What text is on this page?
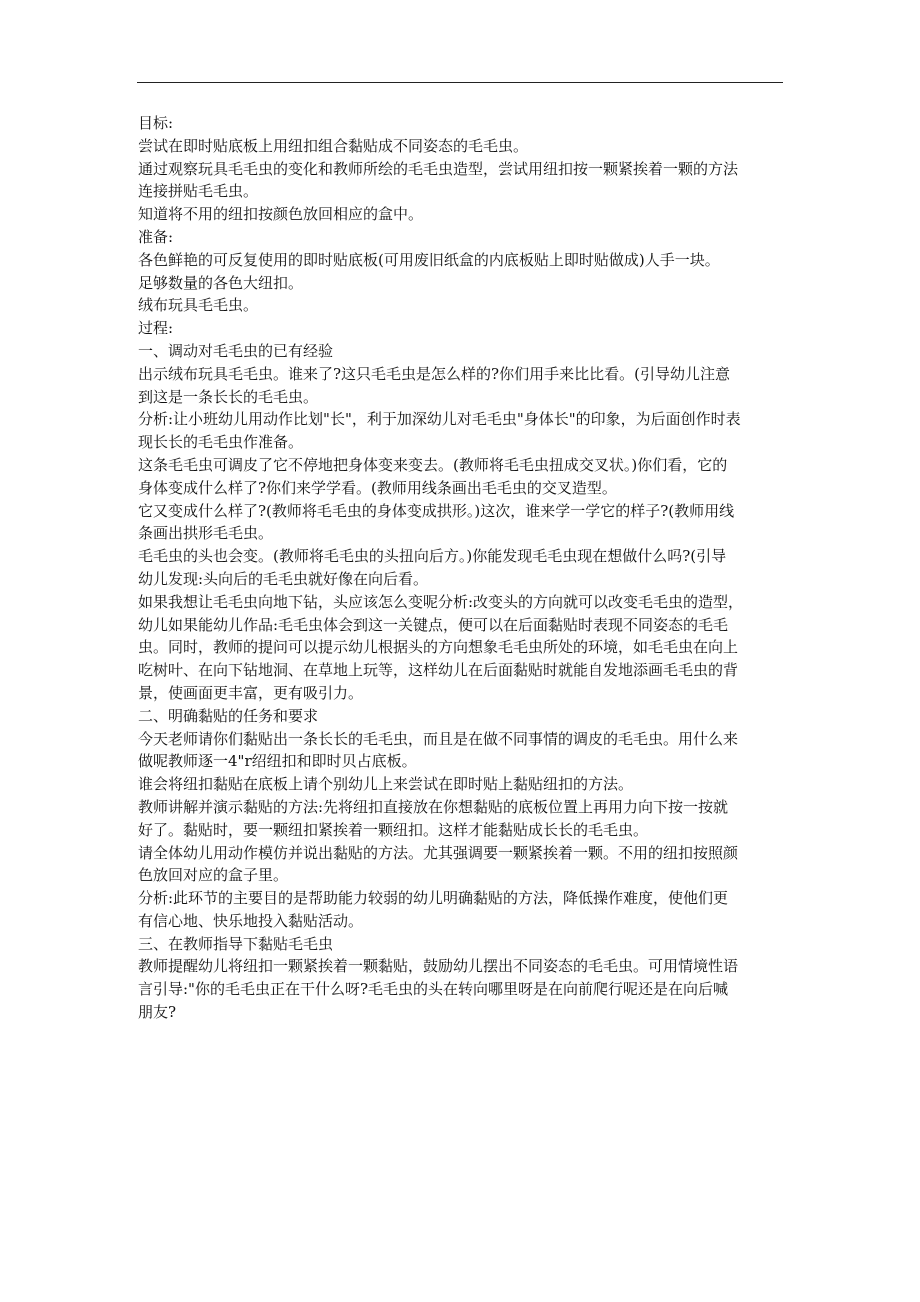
目标:
尝试在即时贴底板上用纽扣组合黏贴成不同姿态的毛毛虫。
通过观察玩具毛毛虫的变化和教师所绘的毛毛虫造型，尝试用纽扣按一颗紧挨着一颗的方法
连接拼贴毛毛虫。
知道将不用的纽扣按颜色放回相应的盒中。
准备:
各色鲜艳的可反复使用的即时贴底板(可用废旧纸盒的内底板贴上即时贴做成)人手一块。
足够数量的各色大纽扣。
绒布玩具毛毛虫。
过程:
一、调动对毛毛虫的已有经验
出示绒布玩具毛毛虫。谁来了?这只毛毛虫是怎么样的?你们用手来比比看。(引导幼儿注意
到这是一条长长的毛毛虫。
分析:让小班幼儿用动作比划"长"，利于加深幼儿对毛毛虫"身体长"的印象，为后面创作时表
现长长的毛毛虫作准备。
这条毛毛虫可调皮了它不停地把身体变来变去。(教师将毛毛虫扭成交叉状。)你们看，它的
身体变成什么样了?你们来学学看。(教师用线条画出毛毛虫的交叉造型。
它又变成什么样了?(教师将毛毛虫的身体变成拱形。)这次，谁来学一学它的样子?(教师用线
条画出拱形毛毛虫。
毛毛虫的头也会变。(教师将毛毛虫的头扭向后方。)你能发现毛毛虫现在想做什么吗?(引导
幼儿发现:头向后的毛毛虫就好像在向后看。
如果我想让毛毛虫向地下钻，头应该怎么变呢分析:改变头的方向就可以改变毛毛虫的造型，
幼儿如果能幼儿作品:毛毛虫体会到这一关键点，便可以在后面黏贴时表现不同姿态的毛毛
虫。同时，教师的提问可以提示幼儿根据头的方向想象毛毛虫所处的环境，如毛毛虫在向上
吃树叶、在向下钻地洞、在草地上玩等，这样幼儿在后面黏贴时就能自发地添画毛毛虫的背
景，使画面更丰富，更有吸引力。
二、明确黏贴的任务和要求
今天老师请你们黏贴出一条长长的毛毛虫，而且是在做不同事情的调皮的毛毛虫。用什么来
做呢教师逐一4"r绍纽扣和即时贝占底板。
谁会将纽扣黏贴在底板上请个别幼儿上来尝试在即时贴上黏贴纽扣的方法。
教师讲解并演示黏贴的方法:先将纽扣直接放在你想黏贴的底板位置上再用力向下按一按就
好了。黏贴时，要一颗纽扣紧挨着一颗纽扣。这样才能黏贴成长长的毛毛虫。
请全体幼儿用动作模仿并说出黏贴的方法。尤其强调要一颗紧挨着一颗。不用的纽扣按照颜
色放回对应的盒子里。
分析:此环节的主要目的是帮助能力较弱的幼儿明确黏贴的方法，降低操作难度，使他们更
有信心地、快乐地投入黏贴活动。
三、在教师指导下黏贴毛毛虫
教师提醒幼儿将纽扣一颗紧挨着一颗黏贴，鼓励幼儿摆出不同姿态的毛毛虫。可用情境性语
言引导:"你的毛毛虫正在干什么呀?毛毛虫的头在转向哪里呀是在向前爬行呢还是在向后喊
朋友?
